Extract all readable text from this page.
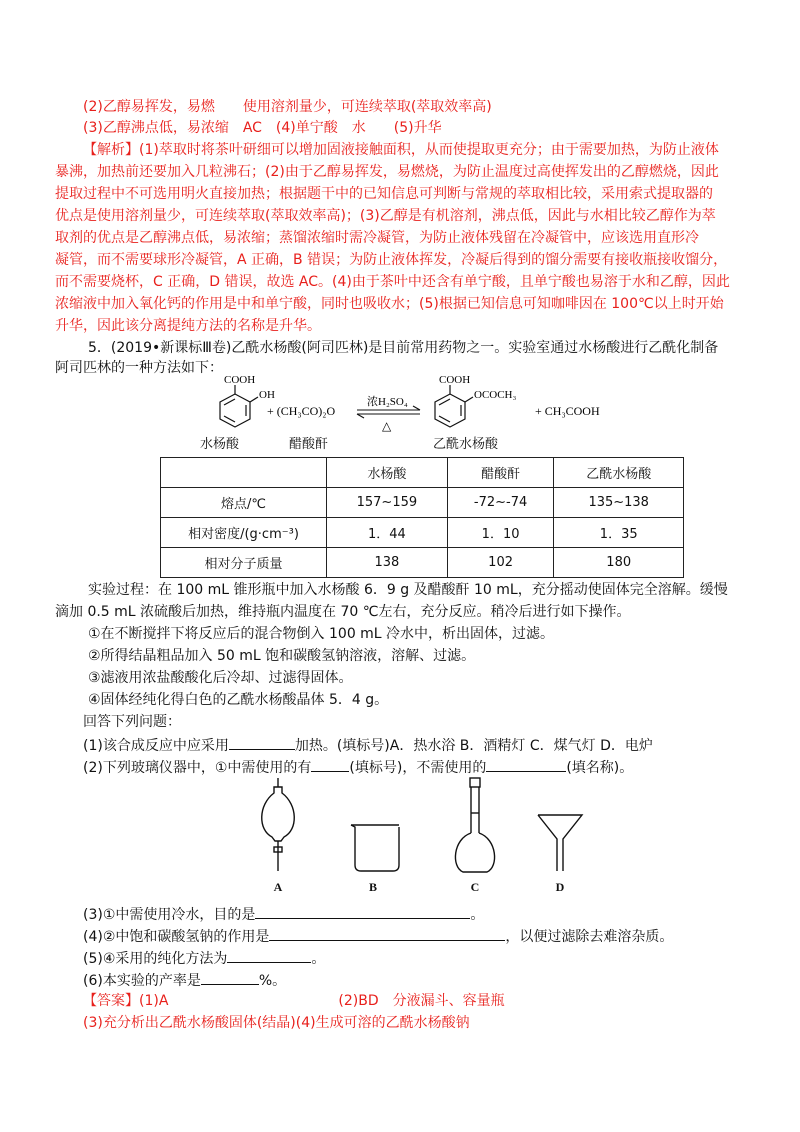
(2)乙醇易挥发，易燃　　使用溶剂量少，可连续萃取(萃取效率高)
(3)乙醇沸点低，易浓缩　AC　(4)单宁酸　水　　(5)升华
【解析】(1)萃取时将茶叶研细可以增加固液接触面积，从而使提取更充分；由于需要加热，为防止液体
暴沸，加热前还要加入几粒沸石；(2)由于乙醇易挥发，易燃烧，为防止温度过高使挥发出的乙醇燃烧，因此
提取过程中不可选用明火直接加热；根据题干中的已知信息可判断与常规的萃取相比较，采用索式提取器的
优点是使用溶剂量少，可连续萃取(萃取效率高)；(3)乙醇是有机溶剂，沸点低，因此与水相比较乙醇作为萃
取剂的优点是乙醇沸点低，易浓缩；蒸馏浓缩时需冷凝管，为防止液体残留在冷凝管中，应该选用直形冷
凝管，而不需要球形冷凝管，A 正确，B 错误；为防止液体挥发，冷凝后得到的馏分需要有接收瓶接收馏分，
而不需要烧杯，C 正确，D 错误，故选 AC。(4)由于茶叶中还含有单宁酸，且单宁酸也易溶于水和乙醇，因此
浓缩液中加入氧化钙的作用是中和单宁酸，同时也吸收水；(5)根据已知信息可知咖啡因在 100℃以上时开始
升华，因此该分离提纯方法的名称是升华。
5．(2019•新课标Ⅲ卷)乙酰水杨酸(阿司匹林)是目前常用药物之一。实验室通过水杨酸进行乙酰化制备
阿司匹林的一种方法如下：
COOH
OH
+ (CH₃CO)₂O
浓H₂SO₄
△
COOH
OCOCH₃
+ CH₃COOH
水杨酸	醋酸酐	乙酰水杨酸
	水杨酸	醋酸酐	乙酰水杨酸
熔点/℃	157~159	-72~-74	135~138
相对密度/(g·cm⁻³)	1．44	1．10	1．35
相对分子质量	138	102	180
实验过程：在 100 mL 锥形瓶中加入水杨酸 6．9 g 及醋酸酐 10 mL，充分摇动使固体完全溶解。缓慢
滴加 0.5 mL 浓硫酸后加热，维持瓶内温度在 70 ℃左右，充分反应。稍冷后进行如下操作。
①在不断搅拌下将反应后的混合物倒入 100 mL 冷水中，析出固体，过滤。
②所得结晶粗品加入 50 mL 饱和碳酸氢钠溶液，溶解、过滤。
③滤液用浓盐酸酸化后冷却、过滤得固体。
④固体经纯化得白色的乙酰水杨酸晶体 5．4 g。
回答下列问题：
(1)该合成反应中应采用	加热。(填标号)A．热水浴 B．酒精灯 C．煤气灯 D．电炉
(2)下列玻璃仪器中，①中需使用的有	(填标号)，不需使用的	(填名称)。
A	B	C	D
(3)①中需使用冷水，目的是	。
(4)②中饱和碳酸氢钠的作用是	，以便过滤除去难溶杂质。
(5)④采用的纯化方法为	。
(6)本实验的产率是	%。
【答案】(1)A	(2)BD　分液漏斗、容量瓶
(3)充分析出乙酰水杨酸固体(结晶)(4)生成可溶的乙酰水杨酸钠
